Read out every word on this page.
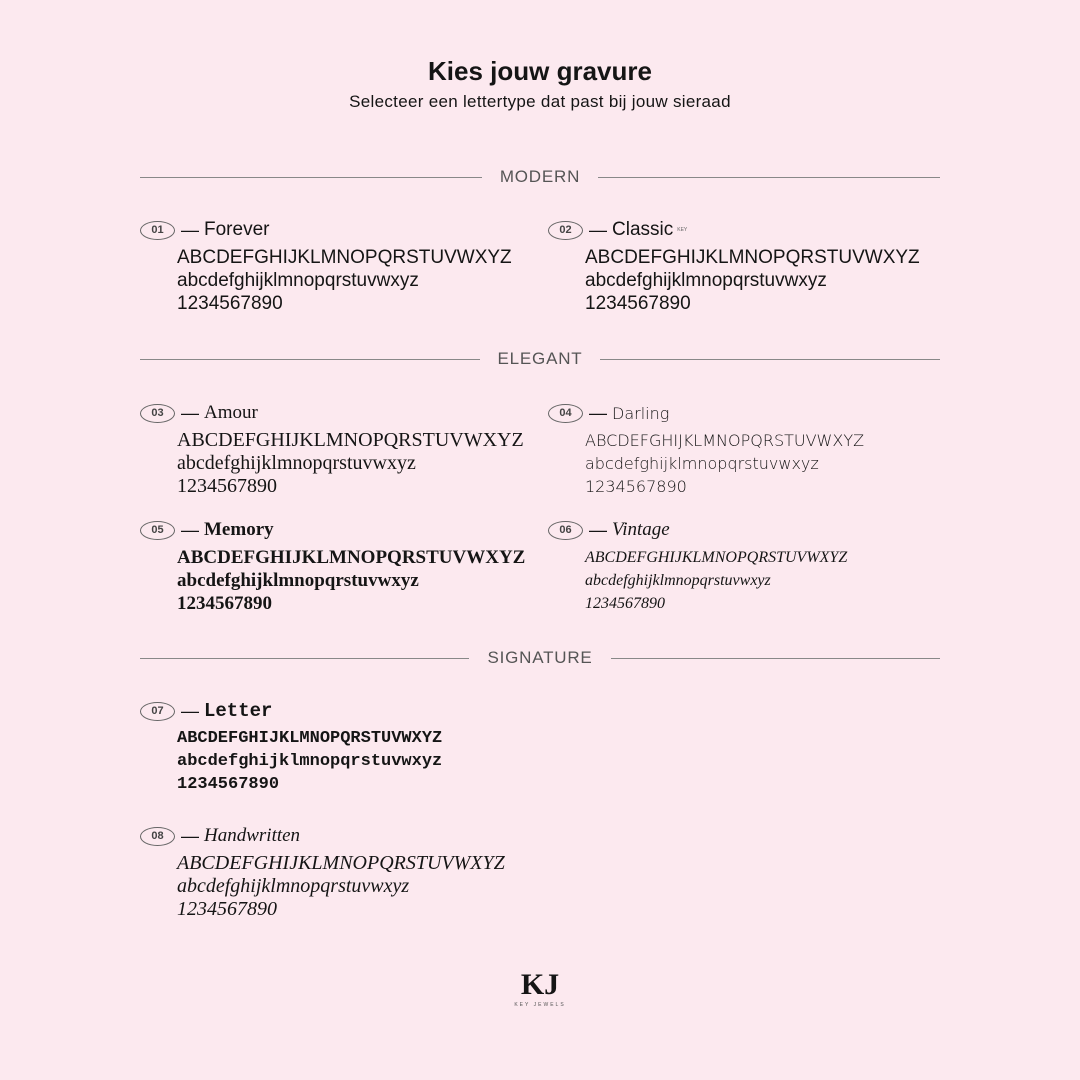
Kies jouw gravure
Selecteer een lettertype dat past bij jouw sieraad
MODERN
ELEGANT
SIGNATURE
01 — Forever
ABCDEFGHIJKLMNOPQRSTUVWXYZ
abcdefghijklmnopqrstuvwxyz
1234567890
02 — Classic KEY
ABCDEFGHIJKLMNOPQRSTUVWXYZ
abcdefghijklmnopqrstuvwxyz
1234567890
03 — Amour
ABCDEFGHIJKLMNOPQRSTUVWXYZ
abcdefghijklmnopqrstuvwxyz
1234567890
04 — Darling
ABCDEFGHIJKLMNOPQRSTUVWXYZ
abcdefghijklmnopqrstuvwxyz
1234567890
05 — Memory
ABCDEFGHIJKLMNOPQRSTUVWXYZ
abcdefghijklmnopqrstuvwxyz
1234567890
06 — Vintage
ABCDEFGHIJKLMNOPQRSTUVWXYZ
abcdefghijklmnopqrstuvwxyz
1234567890
07 — Letter
ABCDEFGHIJKLMNOPQRSTUVWXYZ
abcdefghijklmnopqrstuvwxyz
1234567890
08 — Handwritten
ABCDEFGHIJKLMNOPQRSTUVWXYZ
abcdefghijklmnopqrstuvwxyz
1234567890
KJ
KEY JEWELS
